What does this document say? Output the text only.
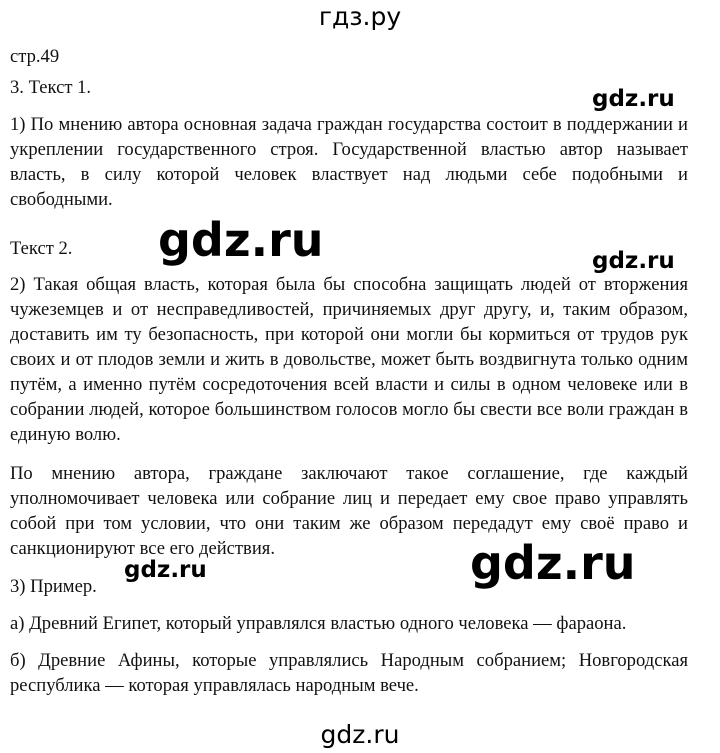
гдз.ру
стр.49
3. Текст 1.	gdz.ru

1) По мнению автора основная задача граждан государства состоит в поддержании и укреплении государственного строя. Государственной властью автор называет власть, в силу которой человек властвует над людьми себе подобными и свободными.

Текст 2. gdz.ru	gdz.ru

2) Такая общая власть, которая была бы способна защищать людей от вторжения чужеземцев и от несправедливостей, причиняемых друг другу, и, таким образом, доставить им ту безопасность, при которой они могли бы кормиться от трудов рук своих и от плодов земли и жить в довольстве, может быть воздвигнута только одним путём, а именно путём сосредоточения всей власти и силы в одном человеке или в собрании людей, которое большинством голосов могло бы свести все воли граждан в единую волю.

По мнению автора, граждане заключают такое соглашение, где каждый уполномочивает человека или собрание лиц и передает ему свое право управлять собой при том условии, что они таким же образом передадут ему своё право и санкционируют все его действия.

gdz.ru	gdz.ru
3) Пример.
а) Древний Египет, который управлялся властью одного человека — фараона.

б) Древние Афины, которые управлялись Народным собранием; Новгородская республика — которая управлялась народным вече.

gdz.ru
